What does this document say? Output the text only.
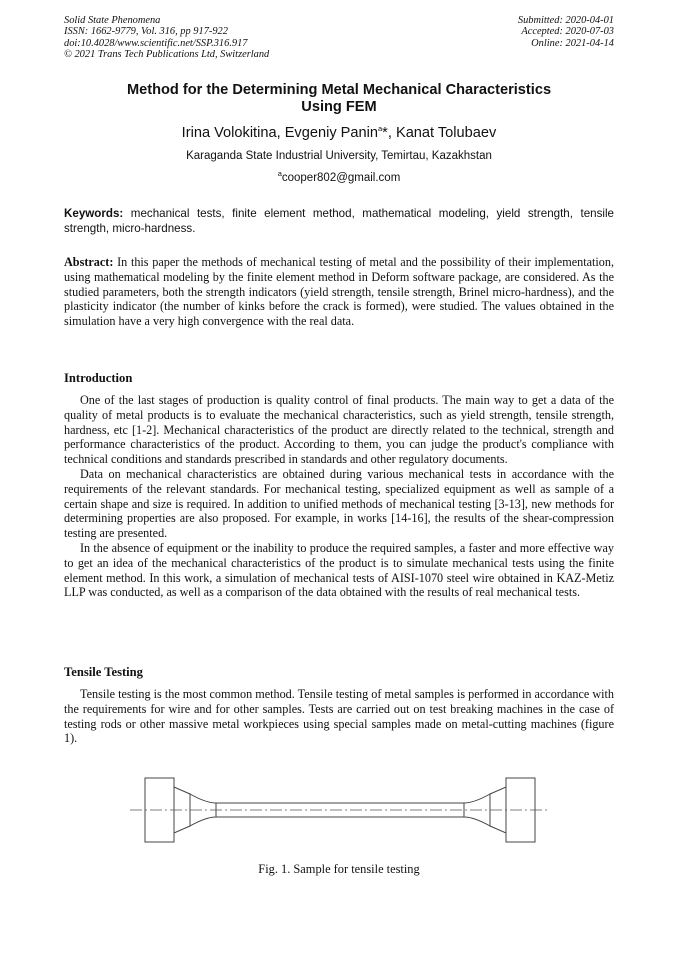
Solid State Phenomena
ISSN: 1662-9779, Vol. 316, pp 917-922
doi:10.4028/www.scientific.net/SSP.316.917
© 2021 Trans Tech Publications Ltd, Switzerland
Submitted: 2020-04-01
Accepted: 2020-07-03
Online: 2021-04-14
Method for the Determining Metal Mechanical Characteristics
Using FEM
Irina Volokitina, Evgeniy Panin$^a$*, Kanat Tolubaev
Karaganda State Industrial University, Temirtau, Kazakhstan
$^a$cooper802@gmail.com
Keywords: mechanical tests, finite element method, mathematical modeling, yield strength, tensile strength, micro-hardness.
Abstract: In this paper the methods of mechanical testing of metal and the possibility of their implementation, using mathematical modeling by the finite element method in Deform software package, are considered. As the studied parameters, both the strength indicators (yield strength, tensile strength, Brinel micro-hardness), and the plasticity indicator (the number of kinks before the crack is formed), were studied. The values obtained in the simulation have a very high convergence with the real data.
Introduction
One of the last stages of production is quality control of final products. The main way to get a data of the quality of metal products is to evaluate the mechanical characteristics, such as yield strength, tensile strength, hardness, etc [1-2]. Mechanical characteristics of the product are directly related to the technical, strength and performance characteristics of the product. According to them, you can judge the product's compliance with technical conditions and standards prescribed in standards and other regulatory documents.
Data on mechanical characteristics are obtained during various mechanical tests in accordance with the requirements of the relevant standards. For mechanical testing, specialized equipment as well as sample of a certain shape and size is required. In addition to unified methods of mechanical testing [3-13], new methods for determining properties are also proposed. For example, in works [14-16], the results of the shear-compression testing are presented.
In the absence of equipment or the inability to produce the required samples, a faster and more effective way to get an idea of the mechanical characteristics of the product is to simulate mechanical tests using the finite element method. In this work, a simulation of mechanical tests of AISI-1070 steel wire obtained in KAZ-Metiz LLP was conducted, as well as a comparison of the data obtained with the results of real mechanical tests.
Tensile Testing
Tensile testing is the most common method. Tensile testing of metal samples is performed in accordance with the requirements for wire and for other samples. Tests are carried out on test breaking machines in the case of testing rods or other massive metal workpieces using special samples made on metal-cutting machines (figure 1).
Fig. 1. Sample for tensile testing
